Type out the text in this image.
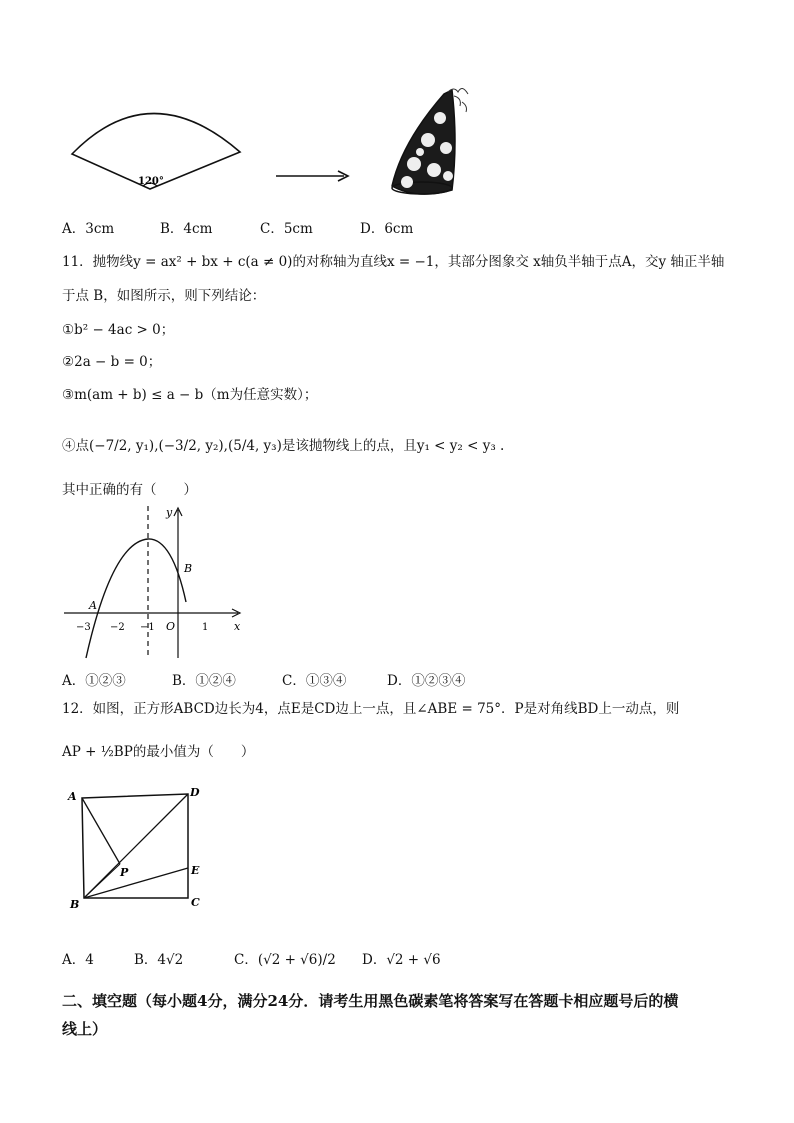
120°
A．3cm	B．4cm	C．5cm	D．6cm
11．抛物线y = ax² + bx + c(a ≠ 0)的对称轴为直线x = −1，其部分图象交 x轴负半轴于点A，交y 轴正半轴
于点 B，如图所示，则下列结论：
①b² − 4ac > 0；
②2a − b = 0；
③m(am + b) ≤ a − b（m为任意实数）；
④点(−7/2, y₁),(−3/2, y₂),(5/4, y₃)是该抛物线上的点，且y₁ < y₂ < y₃ .
其中正确的有（　　）
y
x
A
B
O
−3 −2 −1	1
A．①②③	B．①②④	C．①③④	D．①②③④
12．如图，正方形ABCD边长为4，点E是CD边上一点，且∠ABE = 75°．P是对角线BD上一动点，则
AP + ½BP的最小值为（　　）
A	D
E
C
B
P
A．4	B．4√2	C．(√2 + √6)/2 D．√2 + √6
二、填空题（每小题4分，满分24分．请考生用黑色碳素笔将答案写在答题卡相应题号后的横
线上）
